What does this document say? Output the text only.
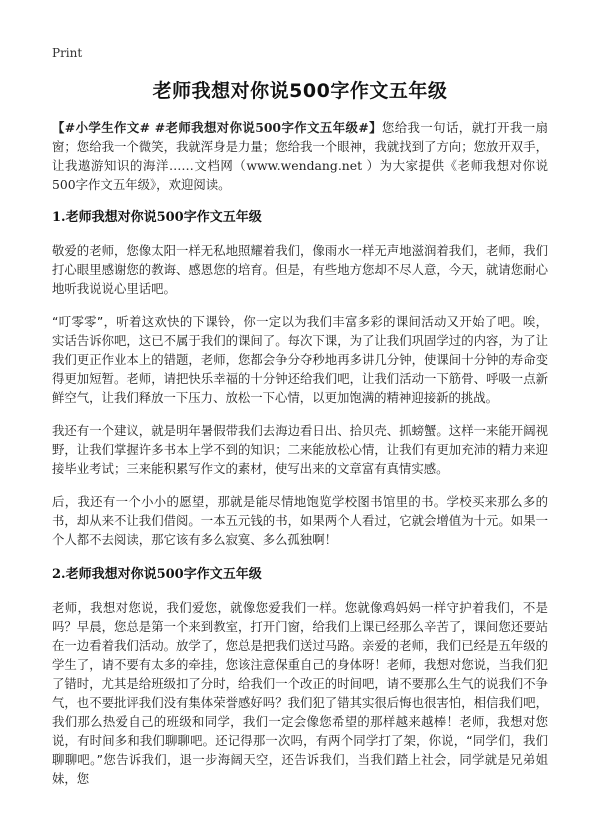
Print
老师我想对你说500字作文五年级

【#小学生作文# #老师我想对你说500字作文五年级#】您给我一句话，就打开我一扇窗；您给我一个微笑，我就浑身是力量；您给我一个眼神，我就找到了方向；您放开双手，让我遨游知识的海洋……文档网（www.wendang.net ）为大家提供《老师我想对你说500字作文五年级》，欢迎阅读。

1.老师我想对你说500字作文五年级

敬爱的老师，您像太阳一样无私地照耀着我们，像雨水一样无声地滋润着我们，老师，我们打心眼里感谢您的教诲、感恩您的培育。但是，有些地方您却不尽人意，今天，就请您耐心地听我说说心里话吧。

“叮零零”，听着这欢快的下课铃，你一定以为我们丰富多彩的课间活动又开始了吧。唉，实话告诉你吧，这已不属于我们的课间了。每次下课，为了让我们巩固学过的内容，为了让我们更正作业本上的错题，老师，您都会争分夺秒地再多讲几分钟，使课间十分钟的寿命变得更加短暂。老师，请把快乐幸福的十分钟还给我们吧，让我们活动一下筋骨、呼吸一点新鲜空气，让我们释放一下压力、放松一下心情，以更加饱满的精神迎接新的挑战。

我还有一个建议，就是明年暑假带我们去海边看日出、拾贝壳、抓螃蟹。这样一来能开阔视野，让我们掌握许多书本上学不到的知识；二来能放松心情，让我们有更加充沛的精力来迎接毕业考试；三来能积累写作文的素材，使写出来的文章富有真情实感。

后，我还有一个小小的愿望，那就是能尽情地饱览学校图书馆里的书。学校买来那么多的书，却从来不让我们借阅。一本五元钱的书，如果两个人看过，它就会增值为十元。如果一个人都不去阅读，那它该有多么寂寞、多么孤独啊！

2.老师我想对你说500字作文五年级

老师，我想对您说，我们爱您，就像您爱我们一样。您就像鸡妈妈一样守护着我们，不是吗？早晨，您总是第一个来到教室，打开门窗，给我们上课已经那么辛苦了，课间您还要站在一边看着我们活动。放学了，您总是把我们送过马路。亲爱的老师，我们已经是五年级的学生了，请不要有太多的牵挂，您该注意保重自己的身体呀！老师，我想对您说，当我们犯了错时，尤其是给班级扣了分时，给我们一个改正的时间吧，请不要那么生气的说我们不争气，也不要批评我们没有集体荣誉感好吗？我们犯了错其实很后悔也很害怕，相信我们吧，我们那么热爱自己的班级和同学，我们一定会像您希望的那样越来越棒！老师，我想对您说，有时间多和我们聊聊吧。还记得那一次吗，有两个同学打了架，你说，“同学们，我们聊聊吧。”您告诉我们，退一步海阔天空，还告诉我们，当我们踏上社会，同学就是兄弟姐妹，您
